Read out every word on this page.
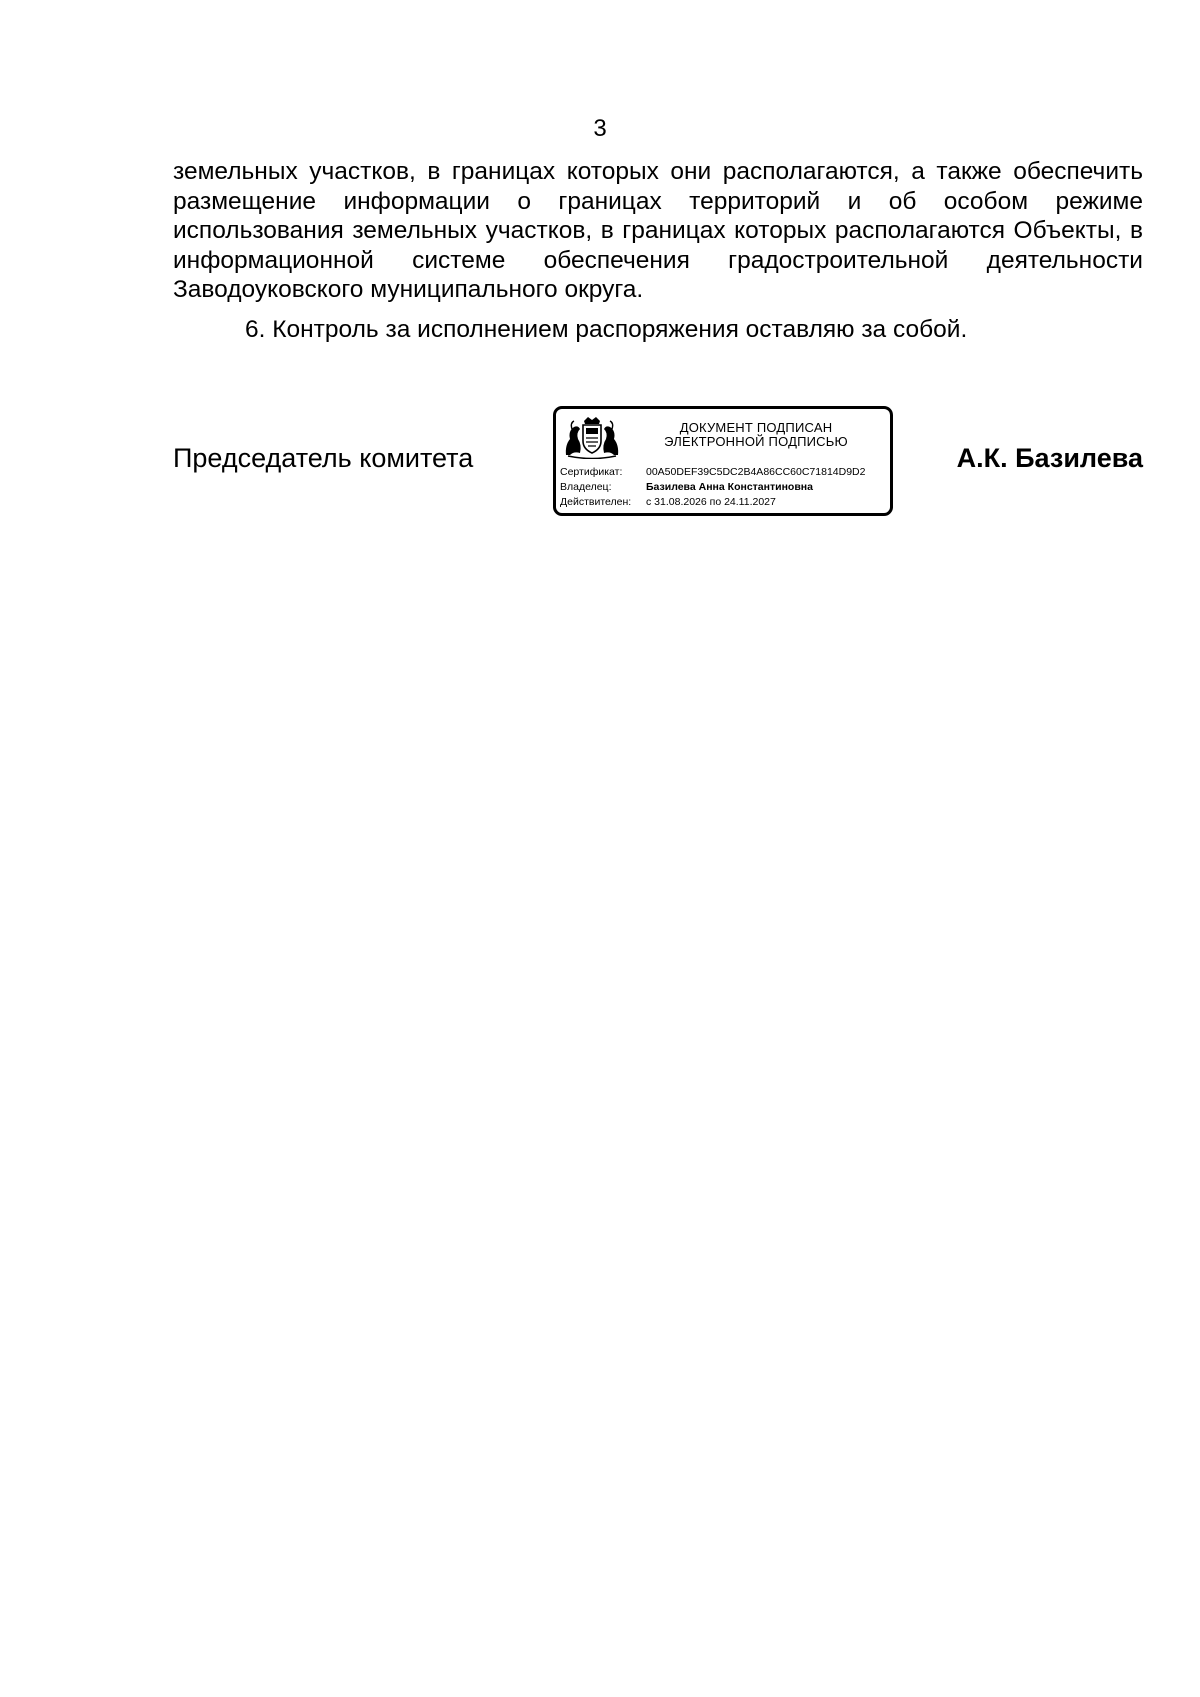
3

земельных участков, в границах которых они располагаются, а также обеспечить размещение информации о границах территорий и об особом режиме использования земельных участков, в границах которых располагаются Объекты, в информационной системе обеспечения градостроительной деятельности Заводоуковского муниципального округа.

6. Контроль за исполнением распоряжения оставляю за собой.

Председатель комитета
ДОКУМЕНТ ПОДПИСАН
ЭЛЕКТРОННОЙ ПОДПИСЬЮ
Сертификат:	00A50DEF39C5DC2B4A86CC60C71814D9D2
Владелец:	Базилева Анна Константиновна
Действителен:	с 31.08.2026 по 24.11.2027
А.К. Базилева
